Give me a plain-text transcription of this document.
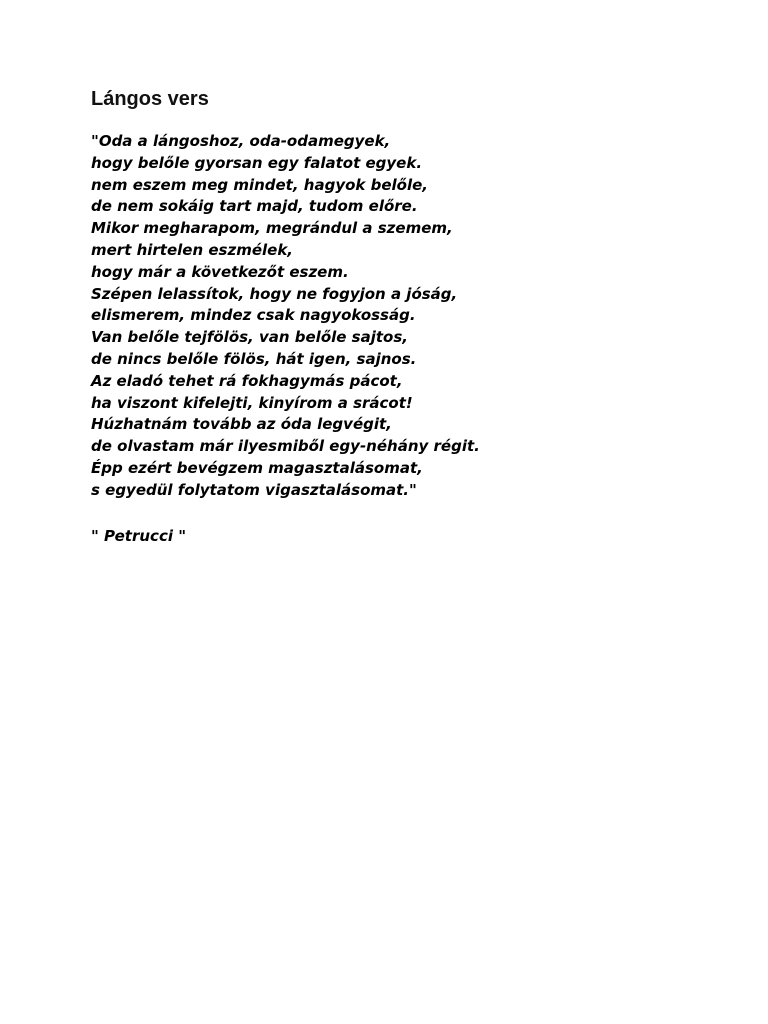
Lángos vers
"Oda a lángoshoz, oda-odamegyek,
hogy belőle gyorsan egy falatot egyek.
nem eszem meg mindet, hagyok belőle,
de nem sokáig tart majd, tudom előre.
Mikor megharapom, megrándul a szemem,
mert hirtelen eszmélek,
hogy már a következőt eszem.
Szépen lelassítok, hogy ne fogyjon a jóság,
elismerem, mindez csak nagyokosság.
Van belőle tejfölös, van belőle sajtos,
de nincs belőle fölös, hát igen, sajnos.
Az eladó tehet rá fokhagymás pácot,
ha viszont kifelejti, kinyírom a srácot!
Húzhatnám tovább az óda legvégit,
de olvastam már ilyesmiből egy-néhány régit.
Épp ezért bevégzem magasztalásomat,
s egyedül folytatom vigasztalásomat."

" Petrucci "
